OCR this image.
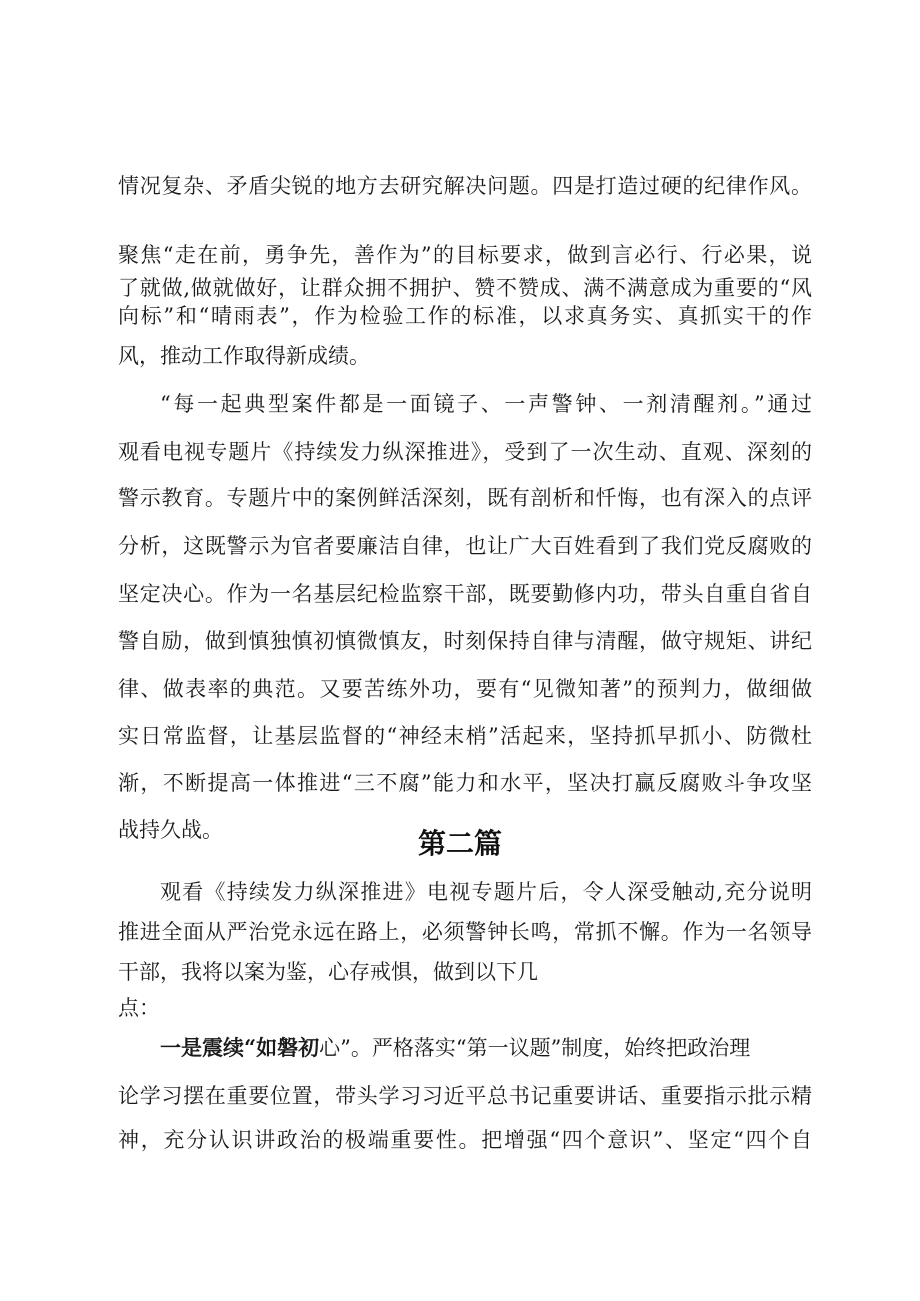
情况复杂、矛盾尖锐的地方去研究解决问题。四是打造过硬的纪律作风。
聚焦“走在前，勇争先，善作为”的目标要求，做到言必行、行必果，说
了就做,做就做好，让群众拥不拥护、赞不赞成、满不满意成为重要的“风
向标”和“晴雨表”，作为检验工作的标准，以求真务实、真抓实干的作
风，推动工作取得新成绩。
“每一起典型案件都是一面镜子、一声警钟、一剂清醒剂。”通过
观看电视专题片《持续发力纵深推进》，受到了一次生动、直观、深刻的
警示教育。专题片中的案例鲜活深刻，既有剖析和忏悔，也有深入的点评
分析，这既警示为官者要廉洁自律，也让广大百姓看到了我们党反腐败的
坚定决心。作为一名基层纪检监察干部，既要勤修内功，带头自重自省自
警自励，做到慎独慎初慎微慎友，时刻保持自律与清醒，做守规矩、讲纪
律、做表率的典范。又要苦练外功，要有“见微知著”的预判力，做细做
实日常监督，让基层监督的“神经末梢”活起来，坚持抓早抓小、防微杜
渐，不断提高一体推进“三不腐”能力和水平，坚决打赢反腐败斗争攻坚
战持久战。	第二篇
观看《持续发力纵深推进》电视专题片后，令人深受触动,充分说明
推进全面从严治党永远在路上，必须警钟长鸣，常抓不懈。作为一名领导
干部，我将以案为鉴，心存戒惧，做到以下几
点：
一是震续“如磐初心”。严格落实“第一议题”制度，始终把政治理
论学习摆在重要位置，带头学习习近平总书记重要讲话、重要指示批示精
神，充分认识讲政治的极端重要性。把增强“四个意识”、坚定“四个自
